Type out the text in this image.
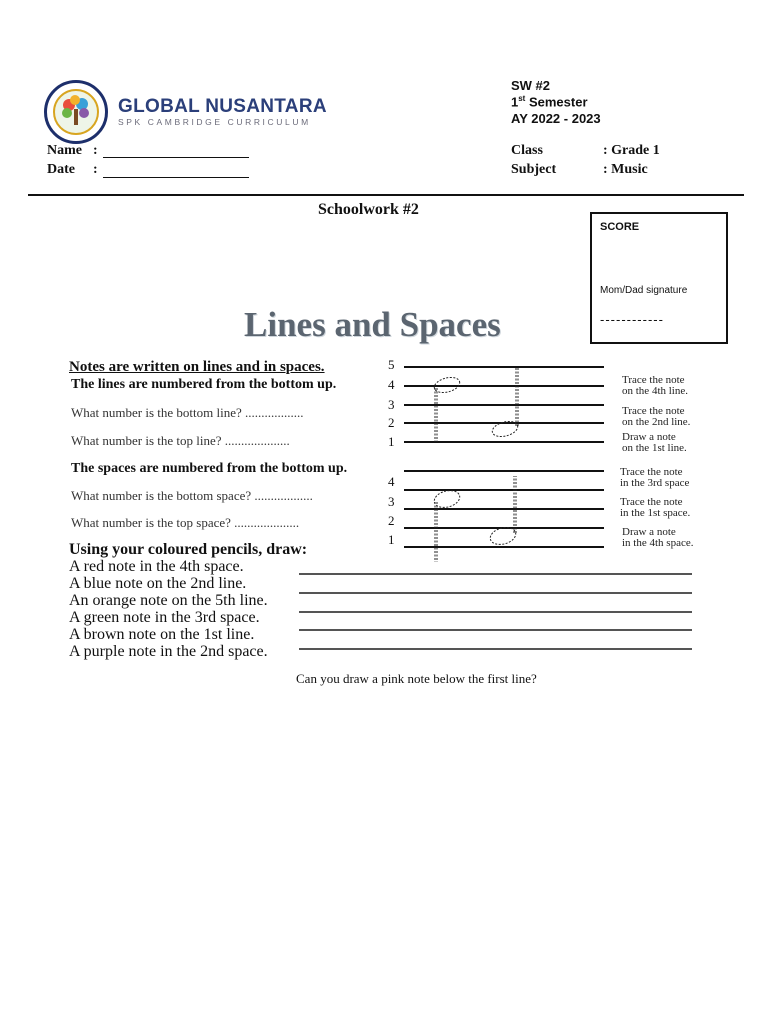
GLOBAL NUSANTARA
SPK CAMBRIDGE CURRICULUM
SW #2
1st Semester
AY 2022 - 2023
Name :
Date :
Class	: Grade 1
Subject	: Music
Schoolwork #2
SCORE
Mom/Dad signature
------------
Lines and Spaces
Notes are written on lines and in spaces.
The lines are numbered from the bottom up.
What number is the bottom line? ..................
What number is the top line? ....................
The spaces are numbered from the bottom up.
What number is the bottom space? ..................
What number is the top space? ....................
5
4
3
2
1
Trace the note
on the 4th line.
Trace the note
on the 2nd line.
Draw a note
on the 1st line.
4
3
2
1
Trace the note
in the 3rd space
Trace the note
in the 1st space.
Draw a note
in the 4th space.
Using your coloured pencils, draw:
A red note in the 4th space.
A blue note on the 2nd line.
An orange note on the 5th line.
A green note in the 3rd space.
A brown note on the 1st line.
A purple note in the 2nd space.
Can you draw a pink note below the first line?
